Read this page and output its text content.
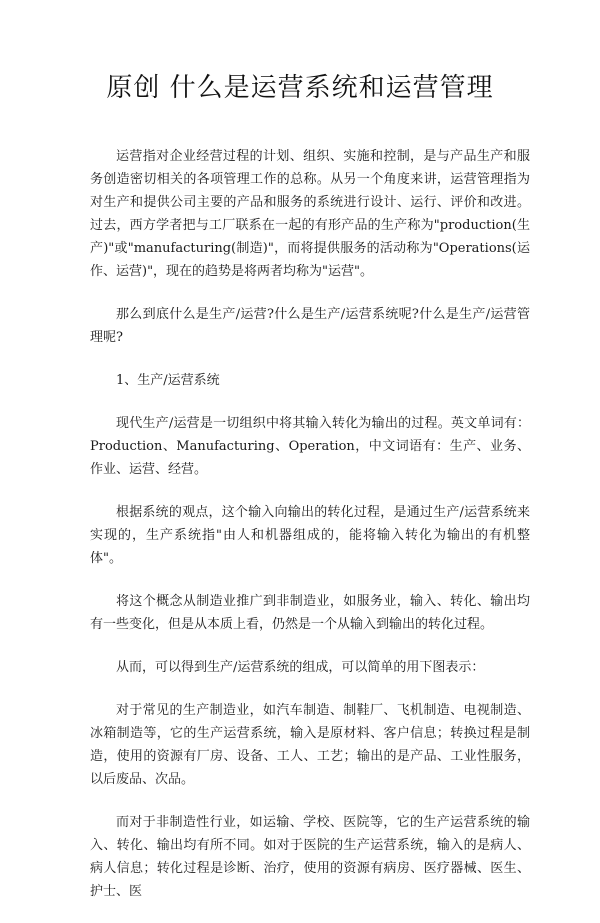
原创 什么是运营系统和运营管理

运营指对企业经营过程的计划、组织、实施和控制，是与产品生产和服务创造密切相关的各项管理工作的总称。从另一个角度来讲，运营管理指为对生产和提供公司主要的产品和服务的系统进行设计、运行、评价和改进。过去，西方学者把与工厂联系在一起的有形产品的生产称为"production(生产)"或"manufacturing(制造)"，而将提供服务的活动称为"Operations(运作、运营)"，现在的趋势是将两者均称为"运营"。

那么到底什么是生产/运营?什么是生产/运营系统呢?什么是生产/运营管理呢?

1、生产/运营系统

现代生产/运营是一切组织中将其输入转化为输出的过程。英文单词有：Production、Manufacturing、Operation，中文词语有：生产、业务、作业、运营、经营。

根据系统的观点，这个输入向输出的转化过程，是通过生产/运营系统来实现的，生产系统指"由人和机器组成的，能将输入转化为输出的有机整体"。

将这个概念从制造业推广到非制造业，如服务业，输入、转化、输出均有一些变化，但是从本质上看，仍然是一个从输入到输出的转化过程。

从而，可以得到生产/运营系统的组成，可以简单的用下图表示：

对于常见的生产制造业，如汽车制造、制鞋厂、飞机制造、电视制造、冰箱制造等，它的生产运营系统，输入是原材料、客户信息；转换过程是制造，使用的资源有厂房、设备、工人、工艺；输出的是产品、工业性服务，以后废品、次品。

而对于非制造性行业，如运输、学校、医院等，它的生产运营系统的输入、转化、输出均有所不同。如对于医院的生产运营系统，输入的是病人、病人信息；转化过程是诊断、治疗，使用的资源有病房、医疗器械、医生、护士、医
